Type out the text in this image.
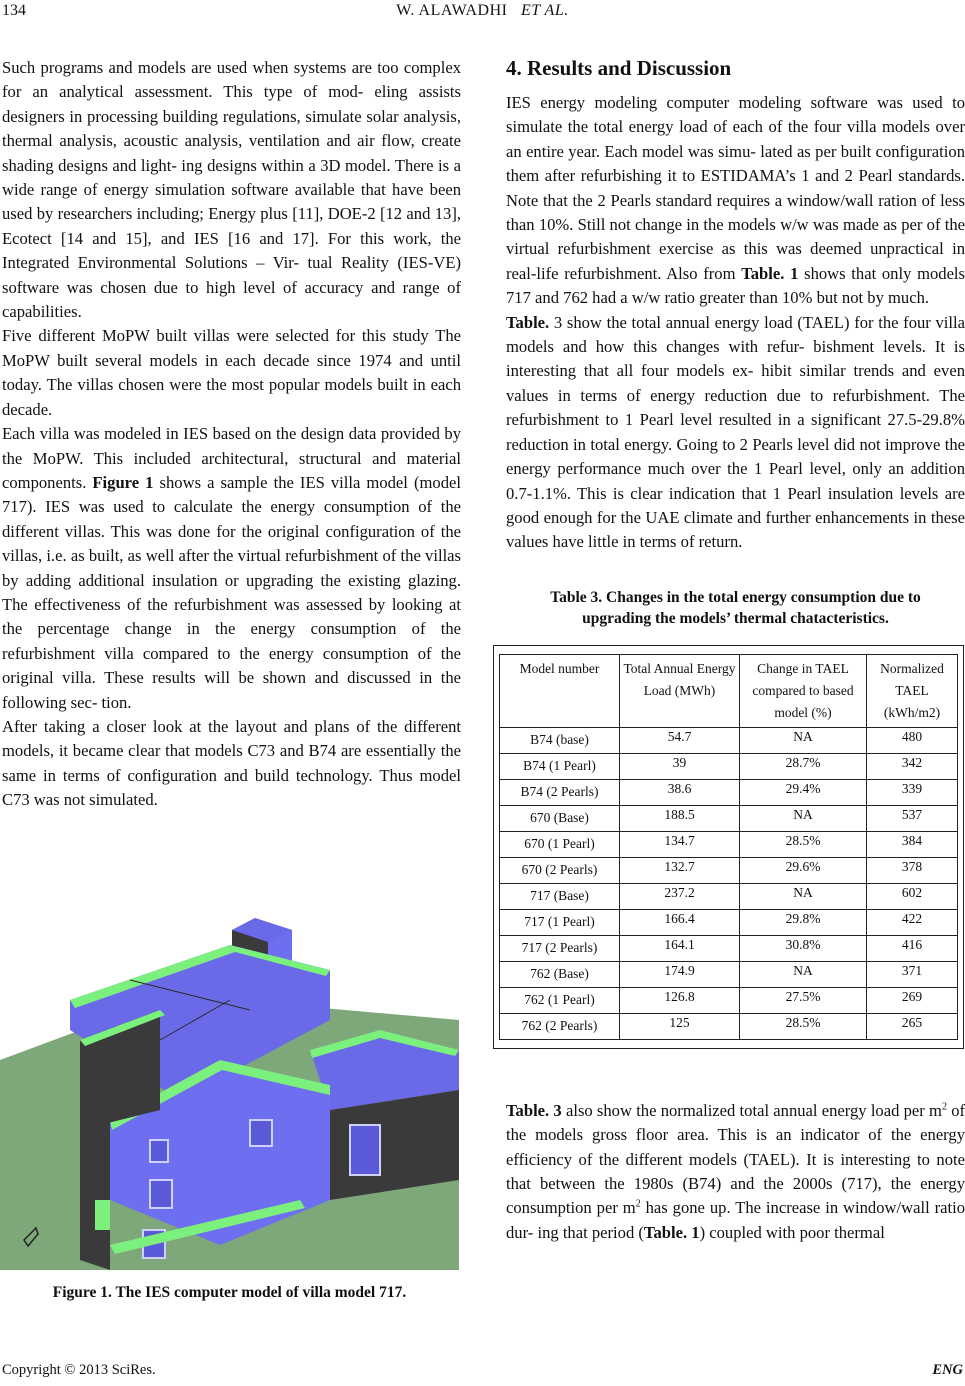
134	W. ALAWADHI ET AL.

Such programs and models are used when systems are too complex for an analytical assessment. This type of mod- eling assists designers in processing building regulations, simulate solar analysis, thermal analysis, acoustic analysis, ventilation and air flow, create shading designs and light- ing designs within a 3D model. There is a wide range of energy simulation software available that have been used by researchers including; Energy plus [11], DOE-2 [12 and 13], Ecotect [14 and 15], and IES [16 and 17]. For this work, the Integrated Environmental Solutions – Vir- tual Reality (IES-VE) software was chosen due to high level of accuracy and range of capabilities.

Five different MoPW built villas were selected for this study The MoPW built several models in each decade since 1974 and until today. The villas chosen were the most popular models built in each decade.

Each villa was modeled in IES based on the design data provided by the MoPW. This included architectural, structural and material components. Figure 1 shows a sample the IES villa model (model 717). IES was used to calculate the energy consumption of the different villas. This was done for the original configuration of the villas, i.e. as built, as well after the virtual refurbishment of the villas by adding additional insulation or upgrading the existing glazing. The effectiveness of the refurbishment was assessed by looking at the percentage change in the energy consumption of the refurbishment villa compared to the energy consumption of the original villa. These results will be shown and discussed in the following sec- tion.

After taking a closer look at the layout and plans of the different models, it became clear that models C73 and B74 are essentially the same in terms of configuration and build technology. Thus model C73 was not simulated.

Figure 1. The IES computer model of villa model 717.
4. Results and Discussion

IES energy modeling computer modeling software was used to simulate the total energy load of each of the four villa models over an entire year. Each model was simu- lated as per built configuration them after refurbishing it to ESTIDAMA’s 1 and 2 Pearl standards. Note that the 2 Pearls standard requires a window/wall ration of less than 10%. Still not change in the models w/w was made as per of the virtual refurbishment exercise as this was deemed unpractical in real-life refurbishment. Also from Table. 1 shows that only models 717 and 762 had a w/w ratio greater than 10% but not by much.

Table. 3 show the total annual energy load (TAEL) for the four villa models and how this changes with refur- bishment levels. It is interesting that all four models ex- hibit similar trends and even values in terms of energy reduction due to refurbishment. The refurbishment to 1 Pearl level resulted in a significant 27.5-29.8% reduction in total energy. Going to 2 Pearls level did not improve the energy performance much over the 1 Pearl level, only an addition 0.7-1.1%. This is clear indication that 1 Pearl insulation levels are good enough for the UAE climate and further enhancements in these values have little in terms of return.

Table 3. Changes in the total energy consumption due to

upgrading the models’ thermal chatacteristics.

Model number	Total Annual Energy Load (MWh)	Change in TAEL compared to based model (%)	Normalized TAEL (kWh/m2)
B74 (base)	54.7	NA	480
B74 (1 Pearl)	39	28.7%	342
B74 (2 Pearls)	38.6	29.4%	339
670 (Base)	188.5	NA	537
670 (1 Pearl)	134.7	28.5%	384
670 (2 Pearls)	132.7	29.6%	378
717 (Base)	237.2	NA	602
717 (1 Pearl)	166.4	29.8%	422
717 (2 Pearls)	164.1	30.8%	416
762 (Base)	174.9	NA	371
762 (1 Pearl)	126.8	27.5%	269
762 (2 Pearls)	125	28.5%	265

Table. 3 also show the normalized total annual energy load per $m^2$ of the models gross floor area. This is an indicator of the energy efficiency of the different models (TAEL). It is interesting to note that between the 1980s (B74) and the 2000s (717), the energy consumption per $m^2$ has gone up. The increase in window/wall ratio dur- ing that period (Table. 1) coupled with poor thermal

Copyright © 2013 SciRes.	ENG
